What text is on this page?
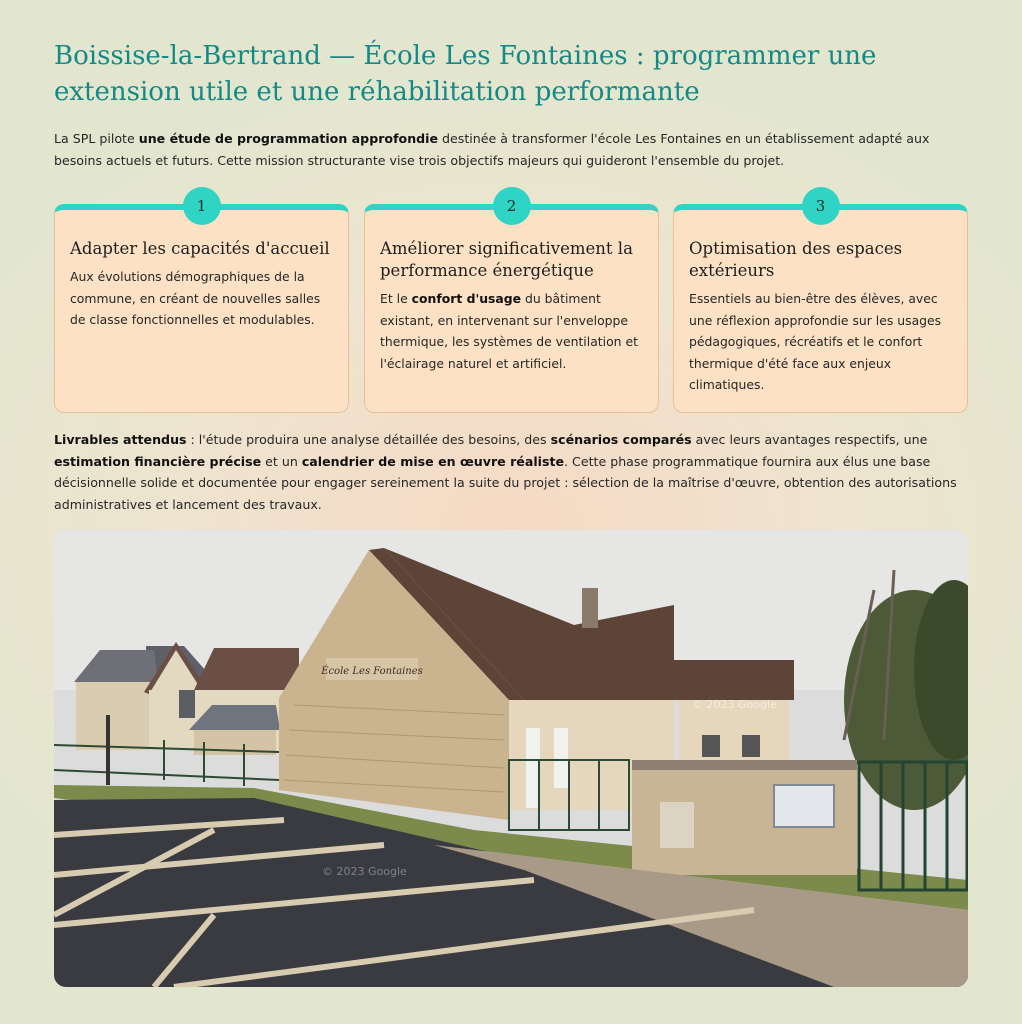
Boissise-la-Bertrand — École Les Fontaines : programmer une extension utile et une réhabilitation performante

La SPL pilote une étude de programmation approfondie destinée à transformer l'école Les Fontaines en un établissement adapté aux besoins actuels et futurs. Cette mission structurante vise trois objectifs majeurs qui guideront l'ensemble du projet.

1
Adapter les capacités d'accueil

Aux évolutions démographiques de la commune, en créant de nouvelles salles de classe fonctionnelles et modulables.

2
Améliorer significativement la performance énergétique

Et le confort d'usage du bâtiment existant, en intervenant sur l'enveloppe thermique, les systèmes de ventilation et l'éclairage naturel et artificiel.

3
Optimisation des espaces extérieurs

Essentiels au bien-être des élèves, avec une réflexion approfondie sur les usages pédagogiques, récréatifs et le confort thermique d'été face aux enjeux climatiques.

Livrables attendus : l'étude produira une analyse détaillée des besoins, des scénarios comparés avec leurs avantages respectifs, une estimation financière précise et un calendrier de mise en œuvre réaliste. Cette phase programmatique fournira aux élus une base décisionnelle solide et documentée pour engager sereinement la suite du projet : sélection de la maîtrise d'œuvre, obtention des autorisations administratives et lancement des travaux.

École Les Fontaines
© 2023 Google
© 2023 Google
